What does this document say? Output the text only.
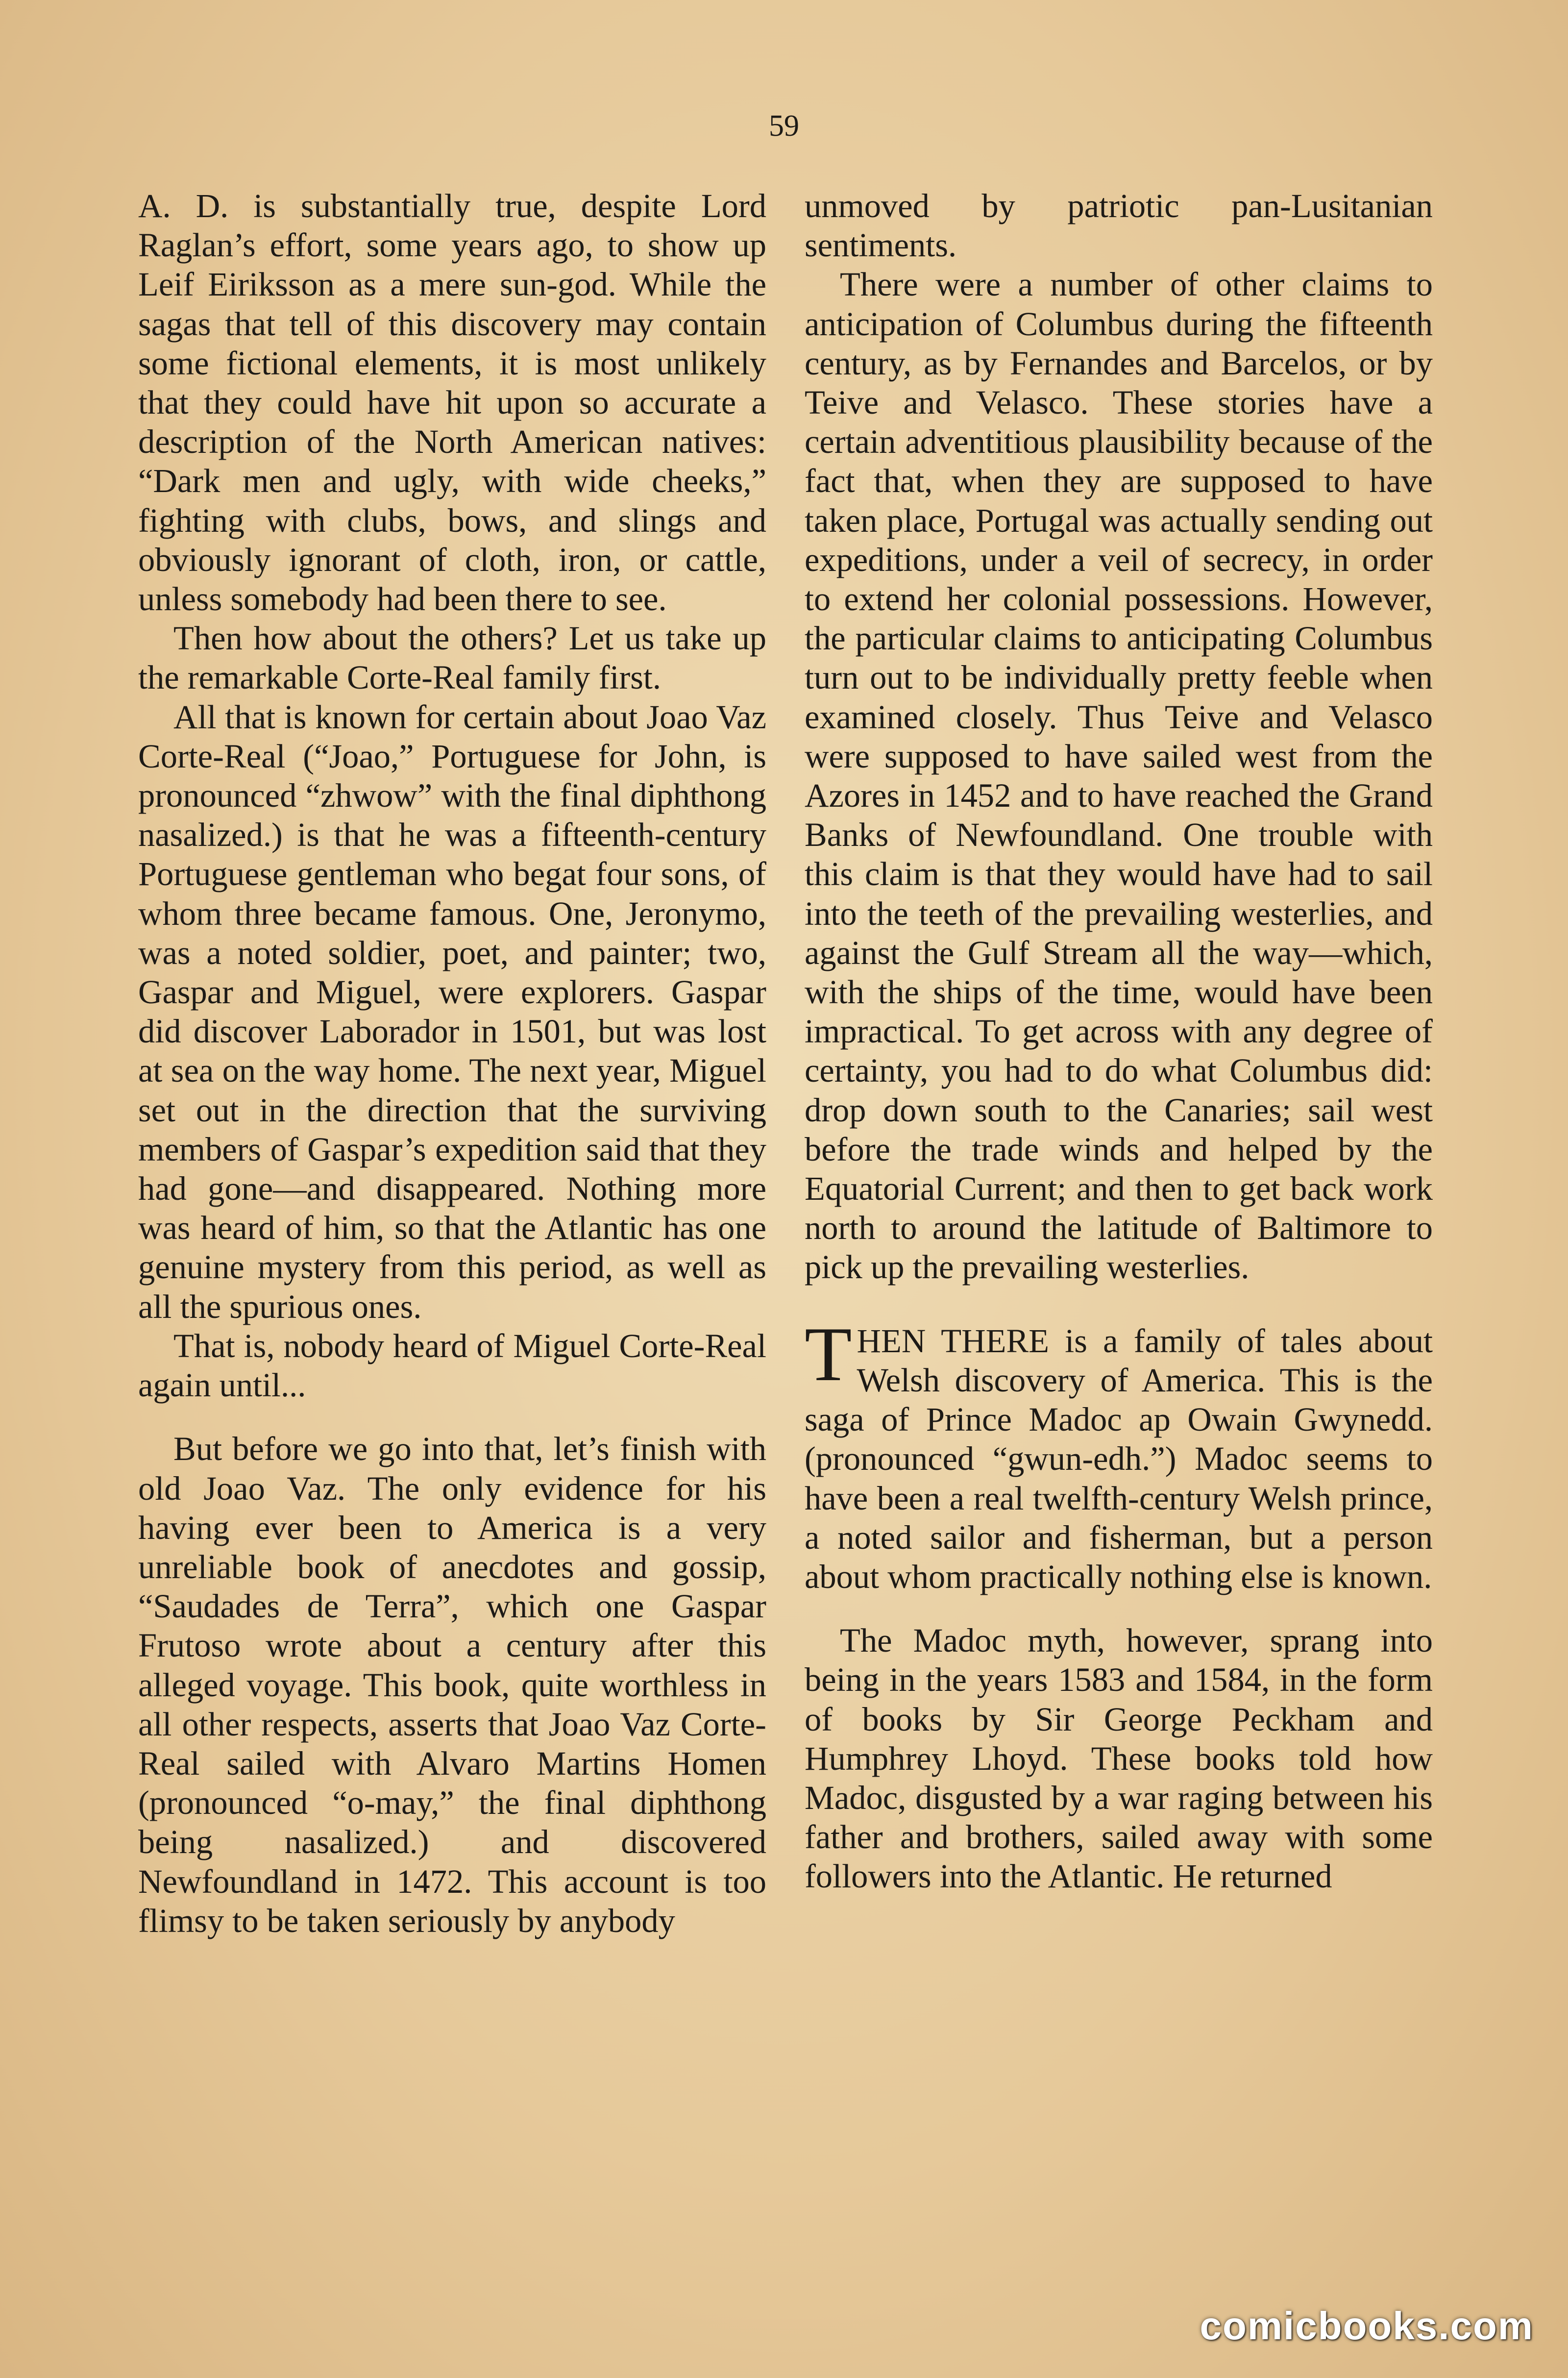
59

A. D. is substantially true, despite Lord Raglan’s effort, some years ago, to show up Leif Eiriksson as a mere sun-god. While the sagas that tell of this discovery may contain some fictional elements, it is most unlikely that they could have hit upon so accurate a description of the North American natives: “Dark men and ugly, with wide cheeks,” fighting with clubs, bows, and slings and obviously ignorant of cloth, iron, or cattle, unless somebody had been there to see.

Then how about the others? Let us take up the remarkable Corte-Real family first.

All that is known for certain about Joao Vaz Corte-Real (“Joao,” Portuguese for John, is pronounced “zhwow” with the final diphthong nasalized.) is that he was a fifteenth-century Portuguese gentleman who begat four sons, of whom three became famous. One, Jeronymo, was a noted soldier, poet, and painter; two, Gaspar and Miguel, were explorers. Gaspar did discover Laborador in 1501, but was lost at sea on the way home. The next year, Miguel set out in the direction that the surviving members of Gaspar’s expedition said that they had gone—and disappeared. Nothing more was heard of him, so that the Atlantic has one genuine mystery from this period, as well as all the spurious ones.

That is, nobody heard of Miguel Corte-Real again until...

But before we go into that, let’s finish with old Joao Vaz. The only evidence for his having ever been to America is a very unreliable book of anecdotes and gossip, “Saudades de Terra”, which one Gaspar Frutoso wrote about a century after this alleged voyage. This book, quite worthless in all other respects, asserts that Joao Vaz Corte-Real sailed with Alvaro Martins Homen (pronounced “o-may,” the final diphthong being nasalized.) and discovered Newfoundland in 1472. This account is too flimsy to be taken seriously by anybody

unmoved by patriotic pan-Lusitanian sentiments.

There were a number of other claims to anticipation of Columbus during the fifteenth century, as by Fernandes and Barcelos, or by Teive and Velasco. These stories have a certain adventitious plausibility because of the fact that, when they are supposed to have taken place, Portugal was actually sending out expeditions, under a veil of secrecy, in order to extend her colonial possessions. However, the particular claims to anticipating Columbus turn out to be individually pretty feeble when examined closely. Thus Teive and Velasco were supposed to have sailed west from the Azores in 1452 and to have reached the Grand Banks of Newfoundland. One trouble with this claim is that they would have had to sail into the teeth of the prevailing westerlies, and against the Gulf Stream all the way—which, with the ships of the time, would have been impractical. To get across with any degree of certainty, you had to do what Columbus did: drop down south to the Canaries; sail west before the trade winds and helped by the Equatorial Current; and then to get back work north to around the latitude of Baltimore to pick up the prevailing westerlies.

THEN THERE is a family of tales about Welsh discovery of America. This is the saga of Prince Madoc ap Owain Gwynedd. (pronounced “gwun-edh.”) Madoc seems to have been a real twelfth-century Welsh prince, a noted sailor and fisherman, but a person about whom practically nothing else is known.

The Madoc myth, however, sprang into being in the years 1583 and 1584, in the form of books by Sir George Peckham and Humphrey Lhoyd. These books told how Madoc, disgusted by a war raging between his father and brothers, sailed away with some followers into the Atlantic. He returned

comicbooks.com
